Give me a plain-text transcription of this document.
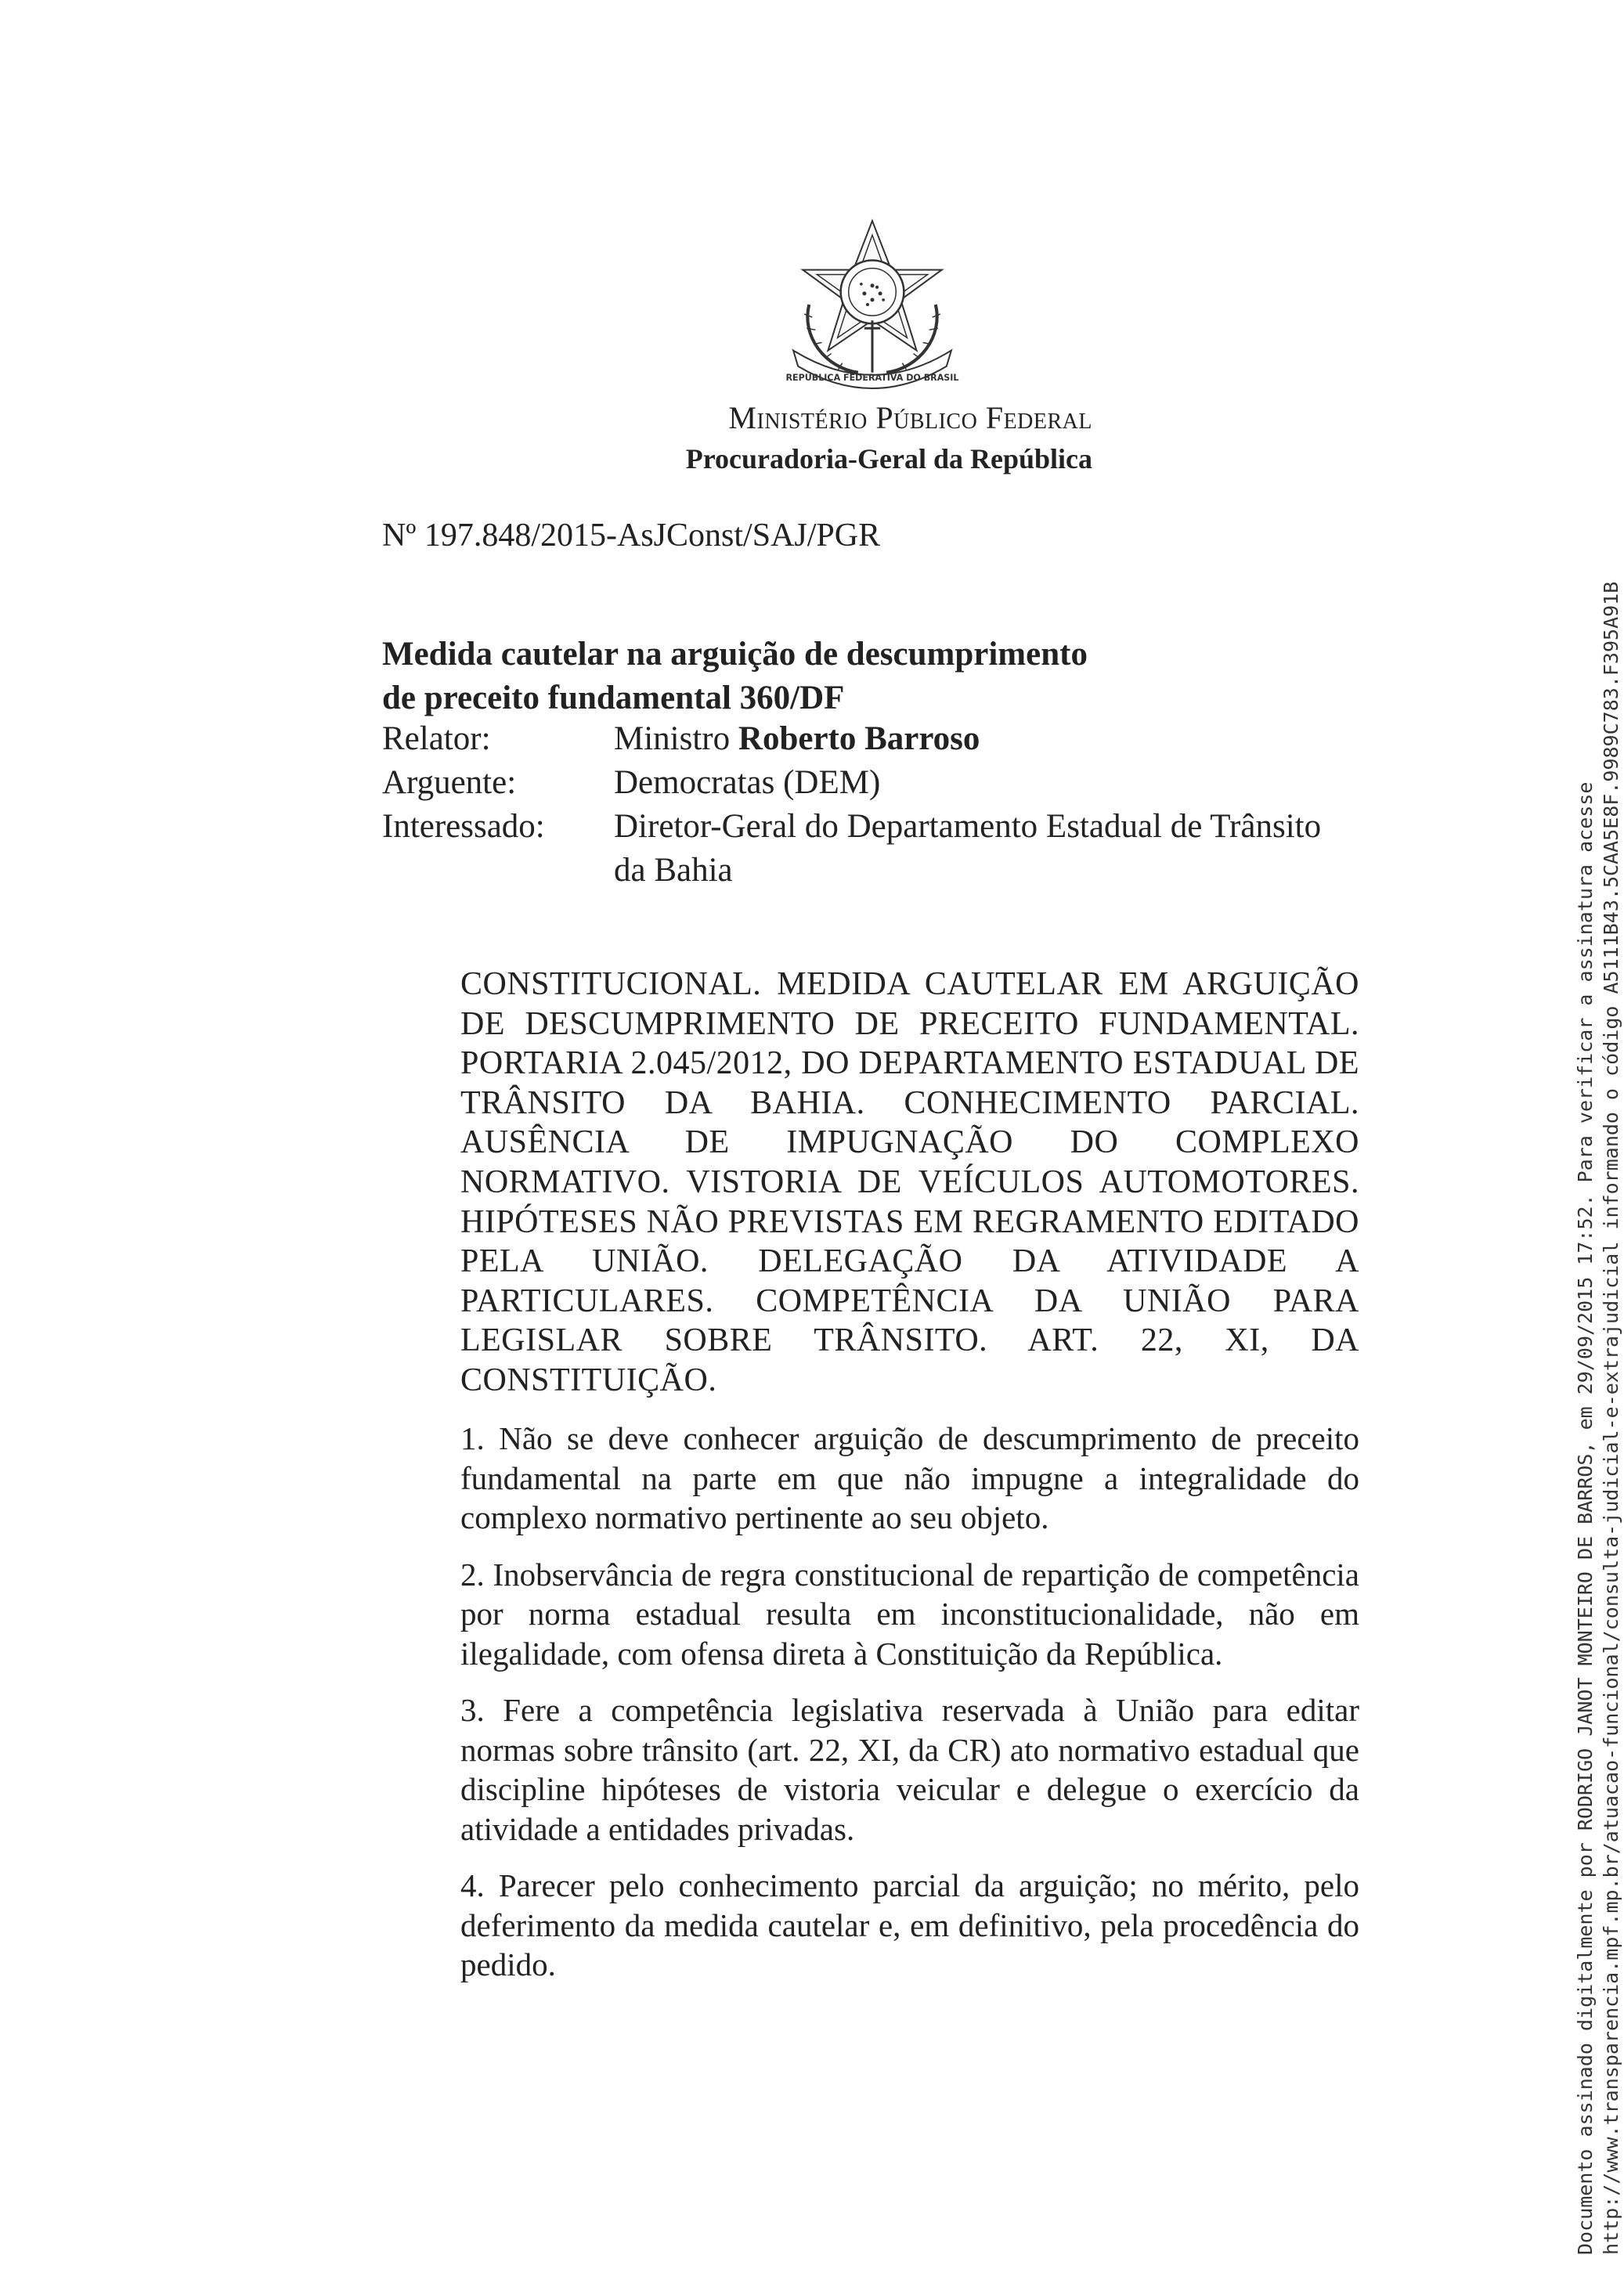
REPÚBLICA FEDERATIVA DO BRASIL
Ministério Público Federal
Procuradoria-Geral da República
Nº 197.848/2015-AsJConst/SAJ/PGR
Medida cautelar na arguição de descumprimento
de preceito fundamental 360/DF
Relator:	Ministro Roberto Barroso
Arguente:	Democratas (DEM)
Interessado:	Diretor-Geral do Departamento Estadual de Trânsito da Bahia
CONSTITUCIONAL. MEDIDA CAUTELAR EM ARGUIÇÃO DE DESCUMPRIMENTO DE PRECEITO FUNDAMENTAL. PORTARIA 2.045/2012, DO DEPARTAMENTO ESTADUAL DE TRÂNSITO DA BAHIA. CONHECIMENTO PARCIAL. AUSÊNCIA DE IMPUGNAÇÃO DO COMPLEXO NORMATIVO. VISTORIA DE VEÍCULOS AUTOMOTORES. HIPÓTESES NÃO PREVISTAS EM REGRAMENTO EDITADO PELA UNIÃO. DELEGAÇÃO DA ATIVIDADE A PARTICULARES. COMPETÊNCIA DA UNIÃO PARA LEGISLAR SOBRE TRÂNSITO. ART. 22, XI, DA CONSTITUIÇÃO.

1. Não se deve conhecer arguição de descumprimento de preceito fundamental na parte em que não impugne a integralidade do complexo normativo pertinente ao seu objeto.

2. Inobservância de regra constitucional de repartição de competência por norma estadual resulta em inconstitucionalidade, não em ilegalidade, com ofensa direta à Constituição da República.

3. Fere a competência legislativa reservada à União para editar normas sobre trânsito (art. 22, XI, da CR) ato normativo estadual que discipline hipóteses de vistoria veicular e delegue o exercício da atividade a entidades privadas.

4. Parecer pelo conhecimento parcial da arguição; no mérito, pelo deferimento da medida cautelar e, em definitivo, pela procedência do pedido.	Documento assinado digitalmente por RODRIGO JANOT MONTEIRO DE BARROS, em 29/09/2015 17:52. Para verificar a assinatura acesse http://www.transparencia.mpf.mp.br/atuacao-funcional/consulta-judicial-e-extrajudicial informando o código A5111B43.5CAA5E8F.9989C783.F395A91B
